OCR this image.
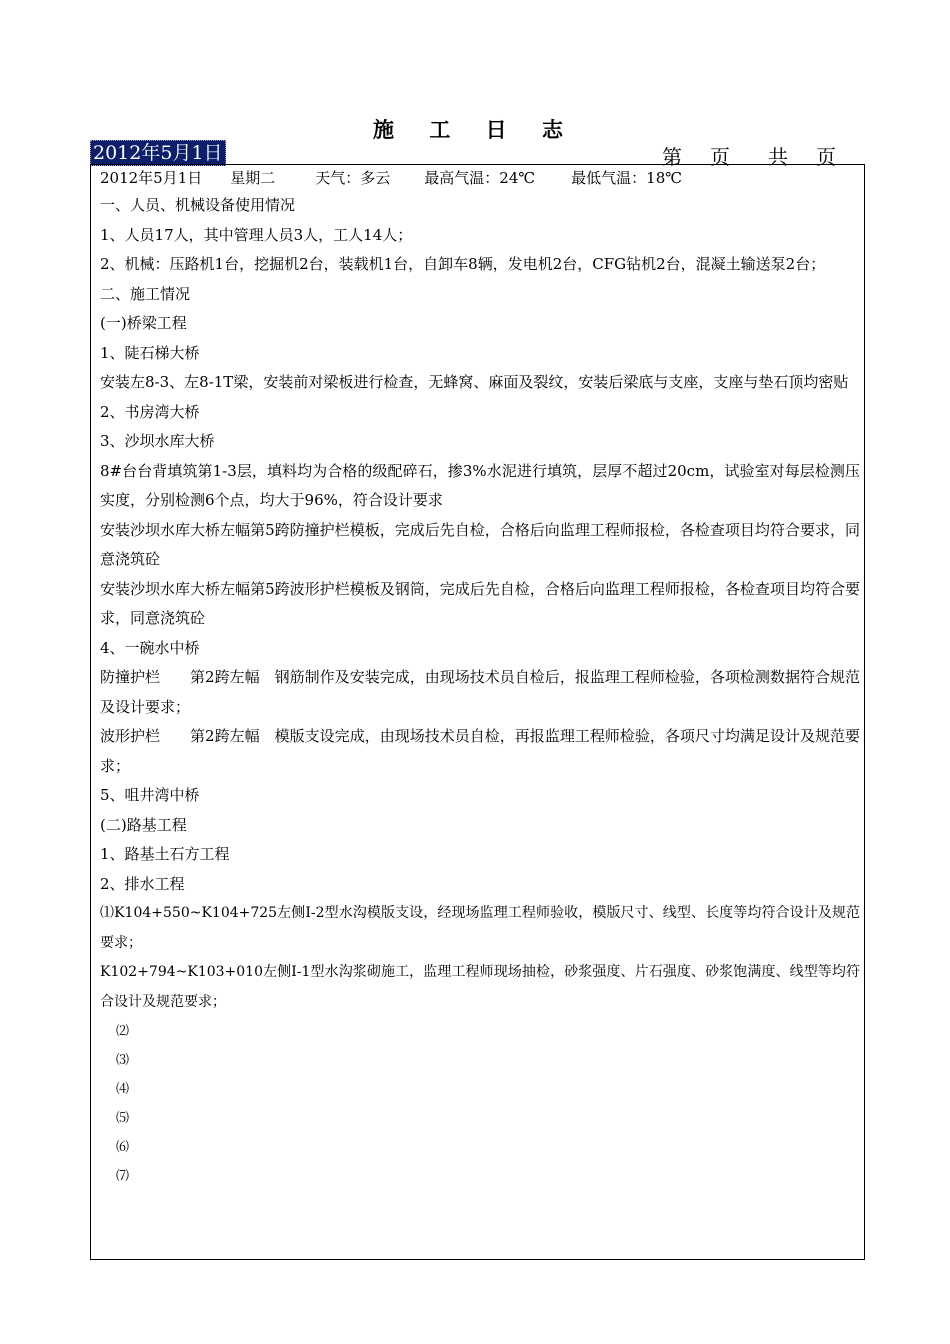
施 工 日 志
2012年5月1日	第 页 共 页
2012年5月1日 星期二	天气：多云 最高气温：24℃ 最低气温：18℃
一、人员、机械设备使用情况
1、人员17人，其中管理人员3人，工人14人；
2、机械：压路机1台，挖掘机2台，装载机1台，自卸车8辆，发电机2台，CFG钻机2台，混凝土输送泵2台；
二、施工情况
(一)桥梁工程
1、陡石梯大桥
安装左8-3、左8-1T梁，安装前对梁板进行检查，无蜂窝、麻面及裂纹，安装后梁底与支座，支座与垫石顶均密贴
2、书房湾大桥
3、沙坝水库大桥
8#台台背填筑第1-3层，填料均为合格的级配碎石，掺3%水泥进行填筑，层厚不超过20cm，试验室对每层检测压实度，分别检测6个点，均大于96%，符合设计要求
安装沙坝水库大桥左幅第5跨防撞护栏模板，完成后先自检，合格后向监理工程师报检，各检查项目均符合要求，同意浇筑砼
安装沙坝水库大桥左幅第5跨波形护栏模板及钢筒，完成后先自检，合格后向监理工程师报检，各检查项目均符合要求，同意浇筑砼
4、一碗水中桥
防撞护栏　　第2跨左幅　钢筋制作及安装完成，由现场技术员自检后，报监理工程师检验，各项检测数据符合规范及设计要求；
波形护栏　　第2跨左幅　模版支设完成，由现场技术员自检，再报监理工程师检验，各项尺寸均满足设计及规范要求；
5、咀井湾中桥
(二)路基工程
1、路基土石方工程
2、排水工程
⑴K104+550~K104+725左侧I-2型水沟模版支设，经现场监理工程师验收，模版尺寸、线型、长度等均符合设计及规范要求；
K102+794~K103+010左侧I-1型水沟浆砌施工，监理工程师现场抽检，砂浆强度、片石强度、砂浆饱满度、线型等均符合设计及规范要求；
⑵
⑶
⑷
⑸
⑹
⑺
